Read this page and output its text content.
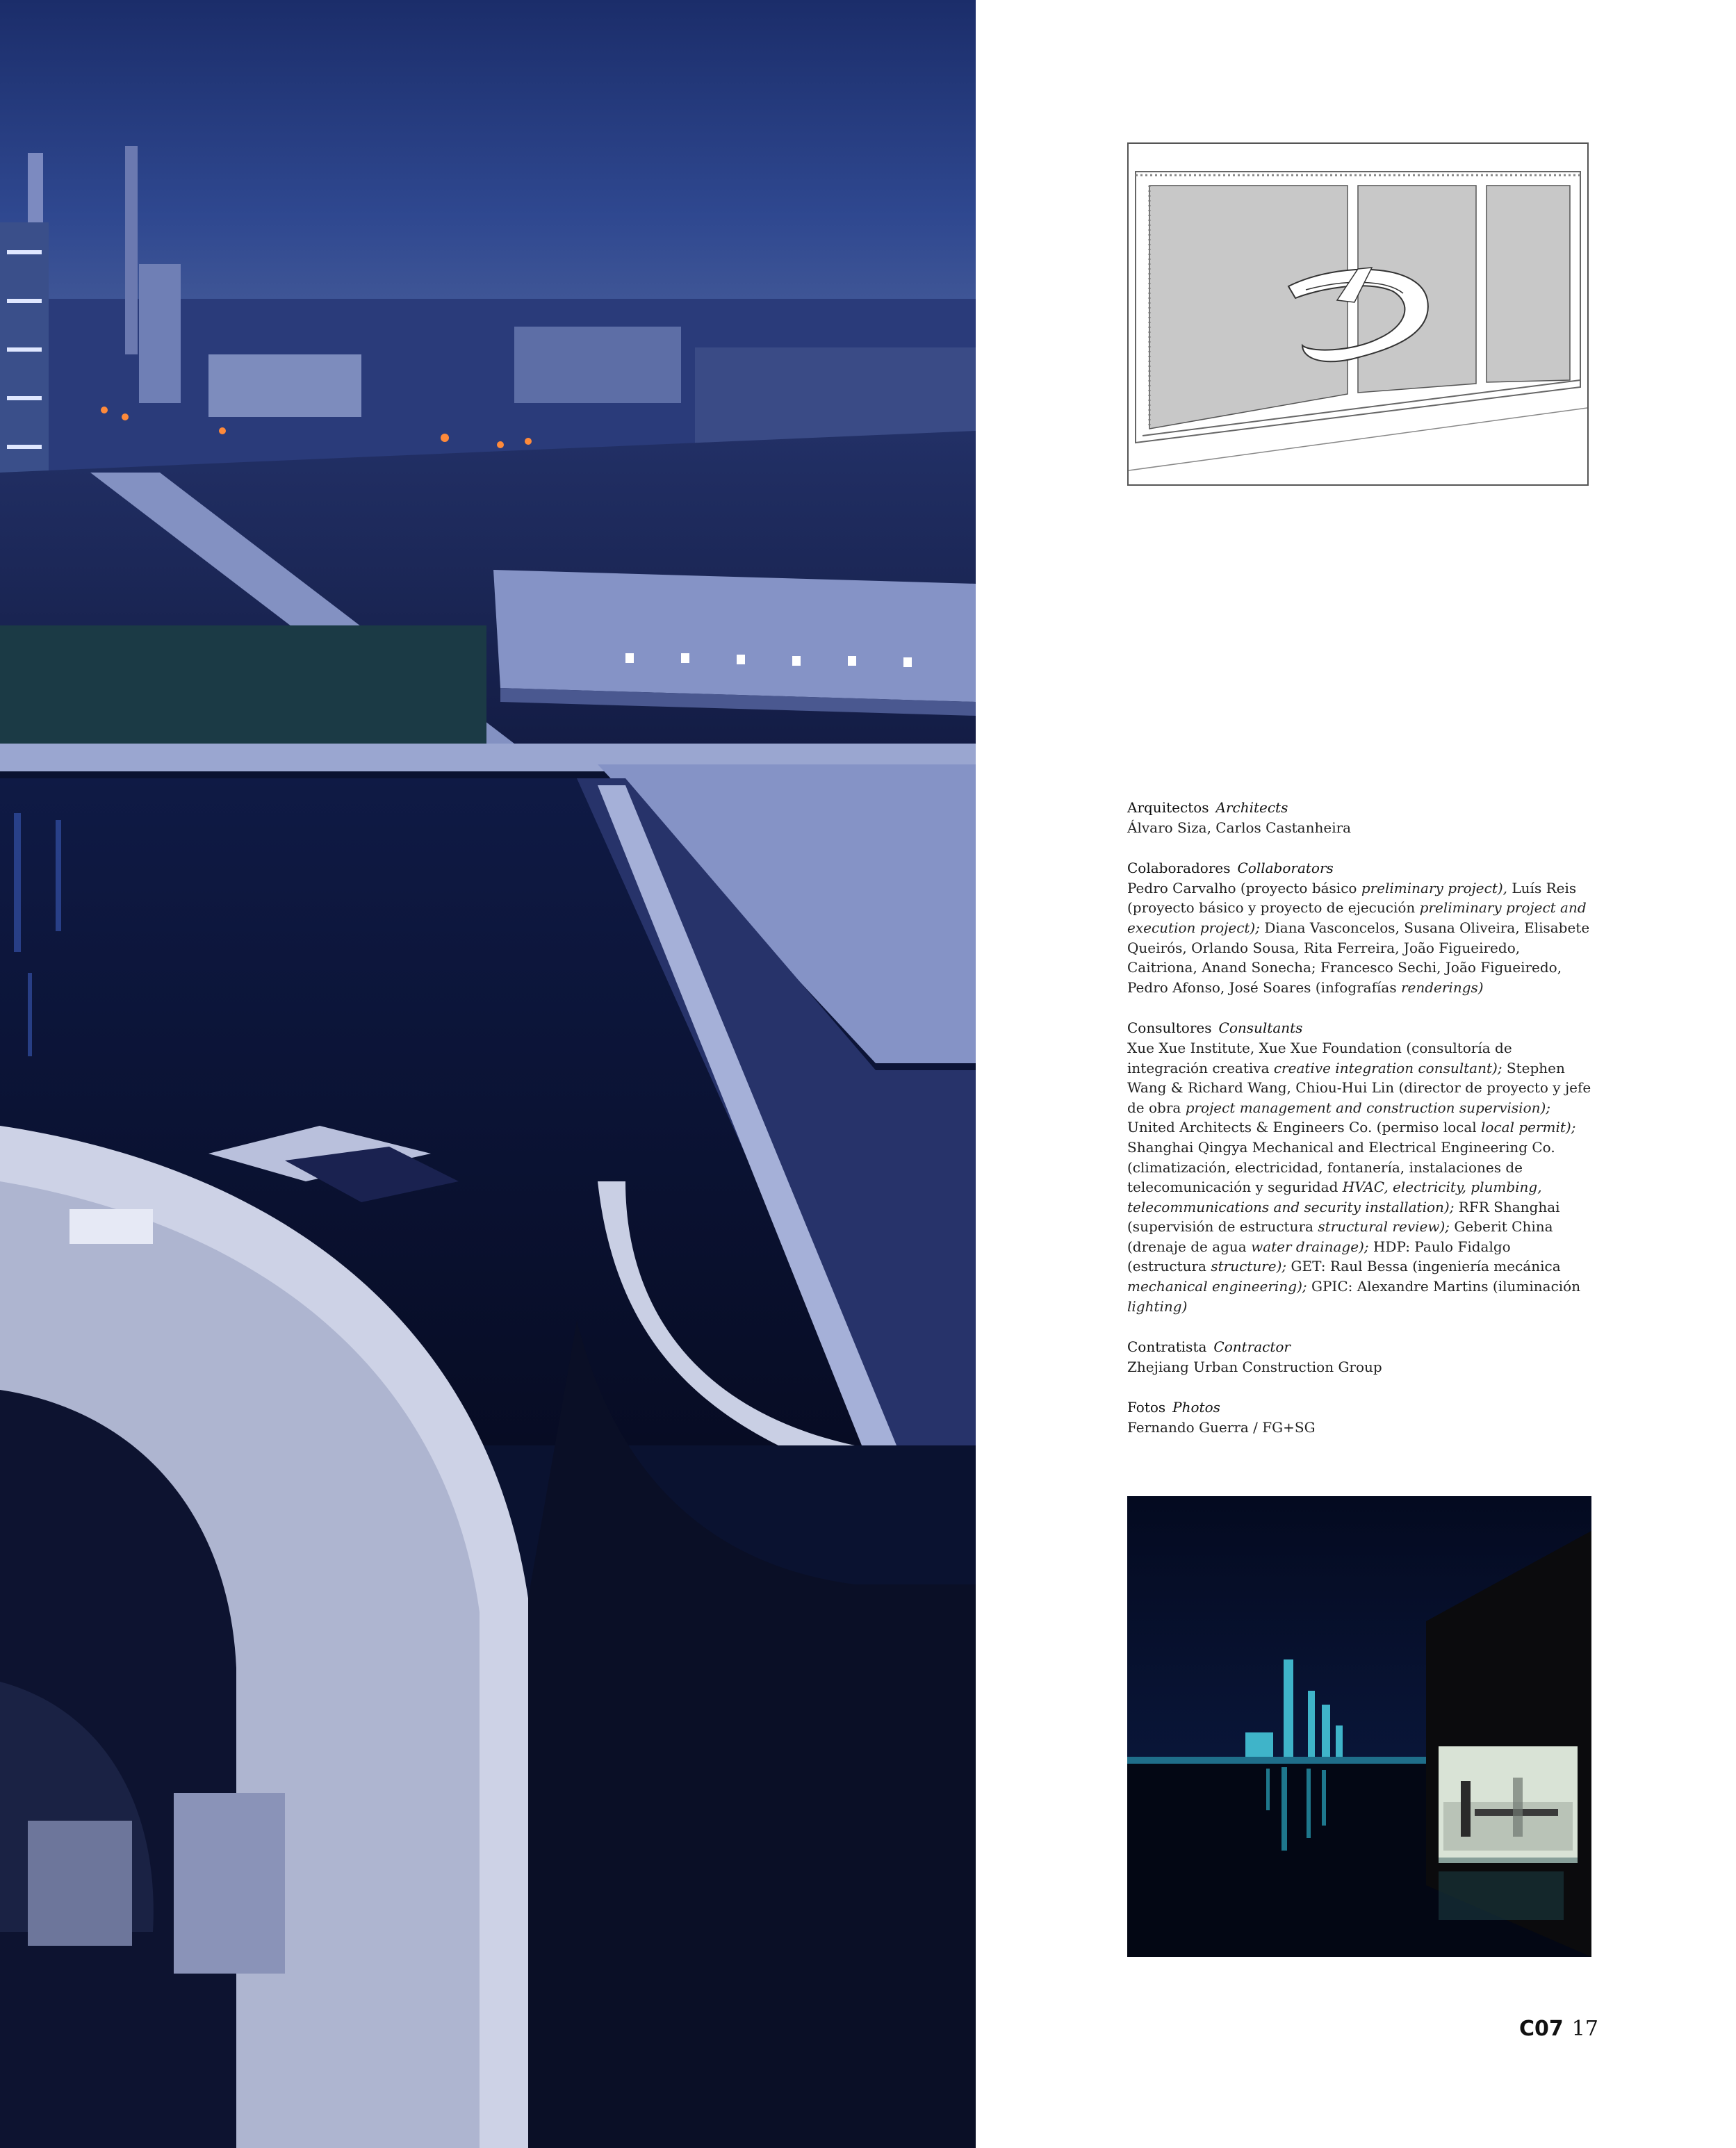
Arquitectos Architects
Álvaro Siza, Carlos Castanheira
Colaboradores Collaborators
Pedro Carvalho (proyecto básico preliminary project), Luís Reis (proyecto básico y proyecto de ejecución preliminary project and execution project); Diana Vasconcelos, Susana Oliveira, Elisabete Queirós, Orlando Sousa, Rita Ferreira, João Figueiredo, Caitriona, Anand Sonecha; Francesco Sechi, João Figueiredo, Pedro Afonso, José Soares (infografías renderings)
Consultores Consultants
Xue Xue Institute, Xue Xue Foundation (consultoría de integración creativa creative integration consultant); Stephen Wang & Richard Wang, Chiou-Hui Lin (director de proyecto y jefe de obra project management and construction supervision); United Architects & Engineers Co. (permiso local local permit); Shanghai Qingya Mechanical and Electrical Engineering Co. (climatización, electricidad, fontanería, instalaciones de telecomunicación y seguridad HVAC, electricity, plumbing, telecommunications and security installation); RFR Shanghai (supervisión de estructura structural review); Geberit China (drenaje de agua water drainage); HDP: Paulo Fidalgo (estructura structure); GET: Raul Bessa (ingeniería mecánica mechanical engineering); GPIC: Alexandre Martins (iluminación lighting)
Contratista Contractor
Zhejiang Urban Construction Group
Fotos Photos
Fernando Guerra / FG+SG
C07 17
